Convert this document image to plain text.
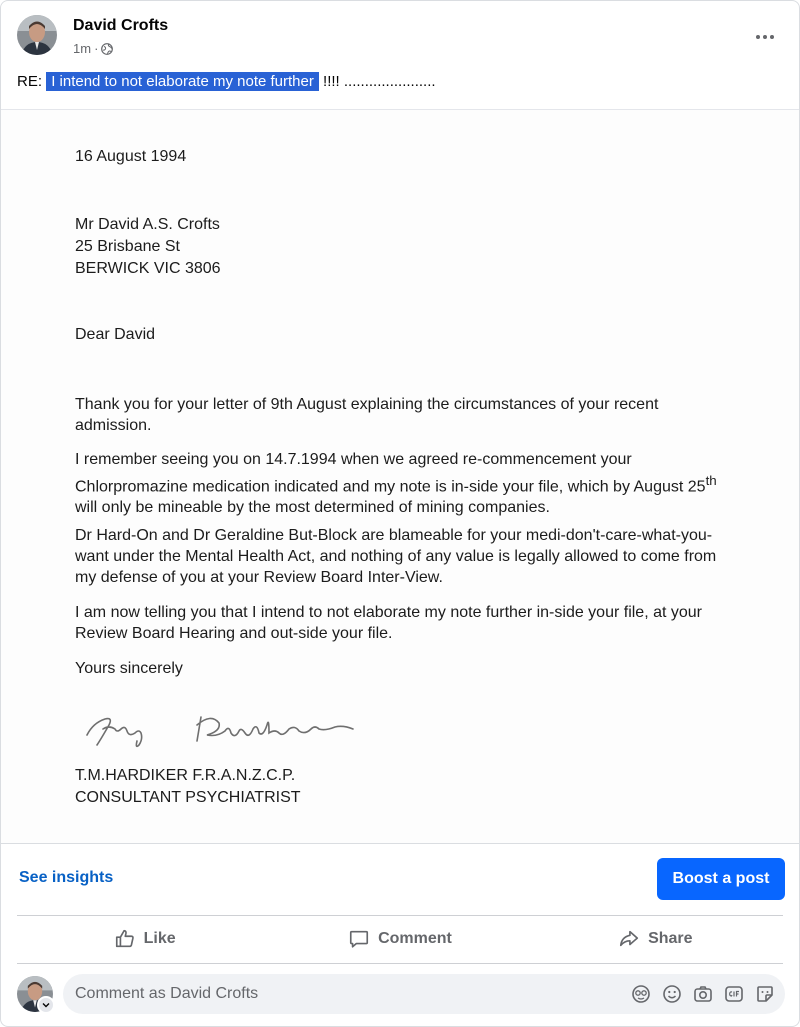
David Crofts
1m ·
RE: I intend to not elaborate my note further !!!! ......................
16 August 1994
Mr David A.S. Crofts
25 Brisbane St
BERWICK VIC 3806
Dear David
Thank you for your letter of 9th August explaining the circumstances of your recent admission.
I remember seeing you on 14.7.1994 when we agreed re-commencement your Chlorpromazine medication indicated and my note is in-side your file, which by August 25th will only be mineable by the most determined of mining companies.
Dr Hard-On and Dr Geraldine But-Block are blameable for your medi-don't-care-what-you-want under the Mental Health Act, and nothing of any value is legally allowed to come from my defense of you at your Review Board Inter-View.
I am now telling you that I intend to not elaborate my note further in-side your file, at your Review Board Hearing and out-side your file.
Yours sincerely
T.M.HARDIKER F.R.A.N.Z.C.P.
CONSULTANT PSYCHIATRIST
See insights	Boost a post
Like	Comment	Share
Comment as David Crofts
